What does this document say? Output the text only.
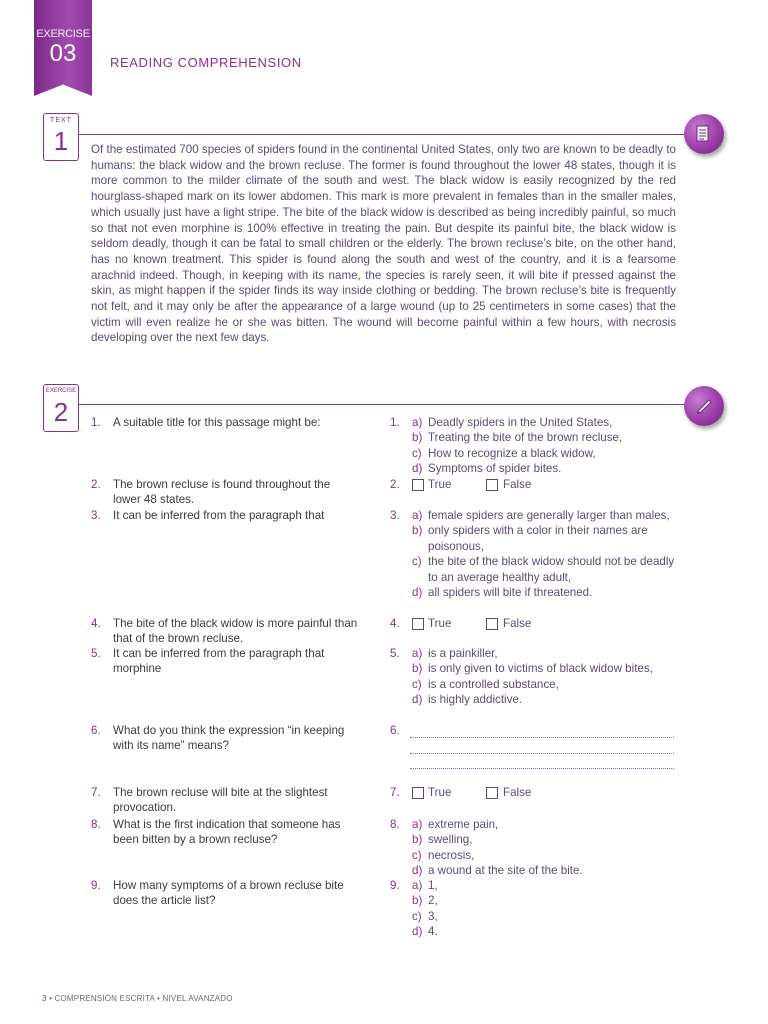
EXERCISE
03	READING COMPREHENSION
TEXT
1	Of the estimated 700 species of spiders found in the continental United States, only two are known to be deadly to humans: the black widow and the brown recluse. The former is found throughout the lower 48 states, though it is more common to the milder climate of the south and west. The black widow is easily recognized by the red hourglass-shaped mark on its lower abdomen. This mark is more prevalent in females than in the smaller males, which usually just have a light stripe. The bite of the black widow is described as being incredibly painful, so much so that not even morphine is 100% effective in treating the pain. But despite its painful bite, the black widow is seldom deadly, though it can be fatal to small children or the elderly. The brown recluse’s bite, on the other hand, has no known treatment. This spider is found along the south and west of the country, and it is a fearsome arachnid indeed. Though, in keeping with its name, the species is rarely seen, it will bite if pressed against the skin, as might happen if the spider finds its way inside clothing or bedding. The brown recluse’s bite is frequently not felt, and it may only be after the appearance of a large wound (up to 25 centimeters in some cases) that the victim will even realize he or she was bitten. The wound will become painful within a few hours, with necrosis developing over the next few days.
EXERCISE
2	1.	A suitable title for this passage might be:	1. a) Deadly spiders in the United States,
b) Treating the bite of the brown recluse,
c) How to recognize a black widow,
d) Symptoms of spider bites.
2.	The brown recluse is found throughout the lower 48 states.
2. True	False
3.	It can be inferred from the paragraph that	3. a) female spiders are generally larger than males,
b) only spiders with a color in their names are poisonous,
c) the bite of the black widow should not be deadly to an average healthy adult,
d) all spiders will bite if threatened.
4.	The bite of the black widow is more painful than that of the brown recluse.
4. True	False
5.	It can be inferred from the paragraph that morphine
5. a) is a painkiller,
b) is only given to victims of black widow bites,
c) is a controlled substance,
d) is highly addictive.
6.	What do you think the expression “in keeping with its name” means?
6.
7.	The brown recluse will bite at the slightest provocation.
7. True	False
8.	What is the first indication that someone has been bitten by a brown recluse?
8. a) extreme pain,
b) swelling,
c) necrosis,
d) a wound at the site of the bite.
9.	How many symptoms of a brown recluse bite does the article list?
9. a) 1,
b) 2,
c) 3,
d) 4.
3 • COMPRENSIÓN ESCRITA • NIVEL AVANZADO
